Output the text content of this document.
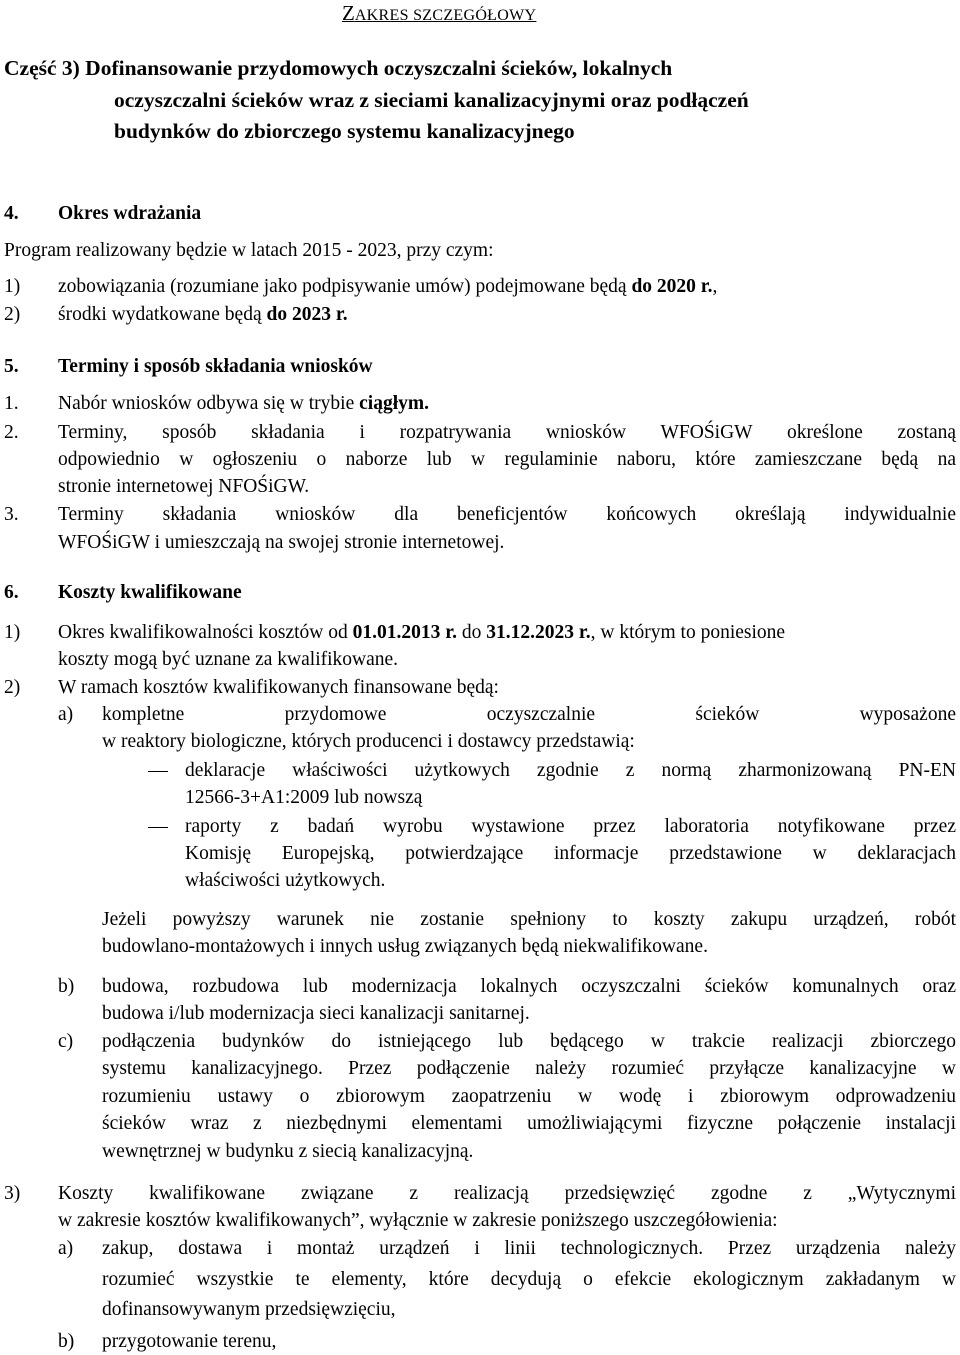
ZAKRES SZCZEGÓŁOWY
Część 3) Dofinansowanie przydomowych oczyszczalni ścieków, lokalnych
oczyszczalni ścieków wraz z sieciami kanalizacyjnymi oraz podłączeń
budynków do zbiorczego systemu kanalizacyjnego
4. Okres wdrażania
Program realizowany będzie w latach 2015 - 2023, przy czym:
1) zobowiązania (rozumiane jako podpisywanie umów) podejmowane będą do 2020 r.,
2) środki wydatkowane będą do 2023 r.
5. Terminy i sposób składania wniosków
1. Nabór wniosków odbywa się w trybie ciągłym.
2. Terminy, sposób składania i rozpatrywania wniosków WFOŚiGW określone zostaną
odpowiednio w ogłoszeniu o naborze lub w regulaminie naboru, które zamieszczane będą na
stronie internetowej NFOŚiGW.
3. Terminy składania wniosków dla beneficjentów końcowych określają indywidualnie
WFOŚiGW i umieszczają na swojej stronie internetowej.
6. Koszty kwalifikowane
1) Okres kwalifikowalności kosztów od 01.01.2013 r. do 31.12.2023 r., w którym to poniesione
koszty mogą być uznane za kwalifikowane.
2) W ramach kosztów kwalifikowanych finansowane będą:
a) kompletne przydomowe oczyszczalnie ścieków wyposażone
w reaktory biologiczne, których producenci i dostawcy przedstawią:
deklaracje właściwości użytkowych zgodnie z normą zharmonizowaną PN-EN
12566-3+A1:2009 lub nowszą
raporty z badań wyrobu wystawione przez laboratoria notyfikowane przez
Komisję Europejską, potwierdzające informacje przedstawione w deklaracjach
właściwości użytkowych.
Jeżeli powyższy warunek nie zostanie spełniony to koszty zakupu urządzeń, robót
budowlano-montażowych i innych usług związanych będą niekwalifikowane.
b) budowa, rozbudowa lub modernizacja lokalnych oczyszczalni ścieków komunalnych oraz
budowa i/lub modernizacja sieci kanalizacji sanitarnej.
c) podłączenia budynków do istniejącego lub będącego w trakcie realizacji zbiorczego
systemu kanalizacyjnego. Przez podłączenie należy rozumieć przyłącze kanalizacyjne w
rozumieniu ustawy o zbiorowym zaopatrzeniu w wodę i zbiorowym odprowadzeniu
ścieków wraz z niezbędnymi elementami umożliwiającymi fizyczne połączenie instalacji
wewnętrznej w budynku z siecią kanalizacyjną.
3) Koszty kwalifikowane związane z realizacją przedsięwzięć zgodne z „Wytycznymi
w zakresie kosztów kwalifikowanych”, wyłącznie w zakresie poniższego uszczegółowienia:
a) zakup, dostawa i montaż urządzeń i linii technologicznych. Przez urządzenia należy
rozumieć wszystkie te elementy, które decydują o efekcie ekologicznym zakładanym w
dofinansowywanym przedsięwzięciu,
b) przygotowanie terenu,
